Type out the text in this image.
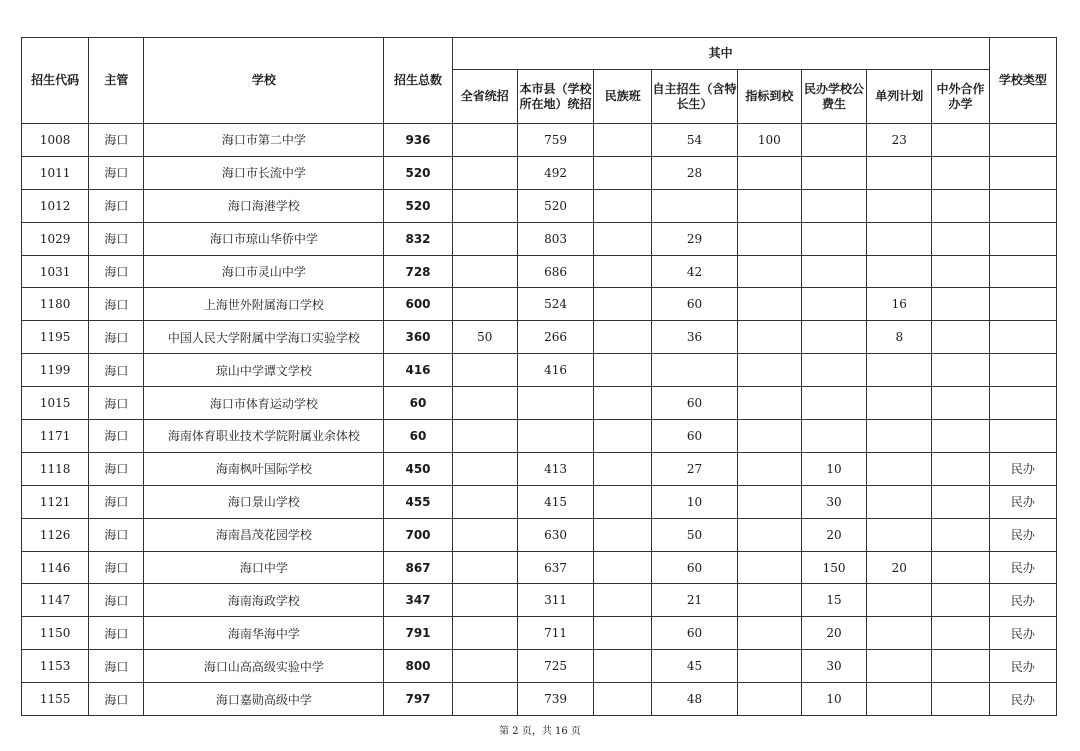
招生代码	主管	学校	招生总数	其中								学校类型
				全省统招	本市县（学校所在地）统招	民族班	自主招生（含特长生）	指标到校	民办学校公费生	单列计划	中外合作办学	
1008	海口	海口市第二中学	936		759		54	100		23		
1011	海口	海口市长流中学	520		492		28					
1012	海口	海口海港学校	520		520							
1029	海口	海口市琼山华侨中学	832		803		29					
1031	海口	海口市灵山中学	728		686		42					
1180	海口	上海世外附属海口学校	600		524		60			16		
1195	海口	中国人民大学附属中学海口实验学校	360	50	266		36			8		
1199	海口	琼山中学谭文学校	416		416							
1015	海口	海口市体育运动学校	60				60					
1171	海口	海南体育职业技术学院附属业余体校	60				60					
1118	海口	海南枫叶国际学校	450		413		27		10			民办
1121	海口	海口景山学校	455		415		10		30			民办
1126	海口	海南昌茂花园学校	700		630		50		20			民办
1146	海口	海口中学	867		637		60		150	20		民办
1147	海口	海南海政学校	347		311		21		15			民办
1150	海口	海南华海中学	791		711		60		20			民办
1153	海口	海口山高高级实验中学	800		725		45		30			民办
1155	海口	海口嘉勋高级中学	797		739		48		10			民办
第 2 页，共 16 页
